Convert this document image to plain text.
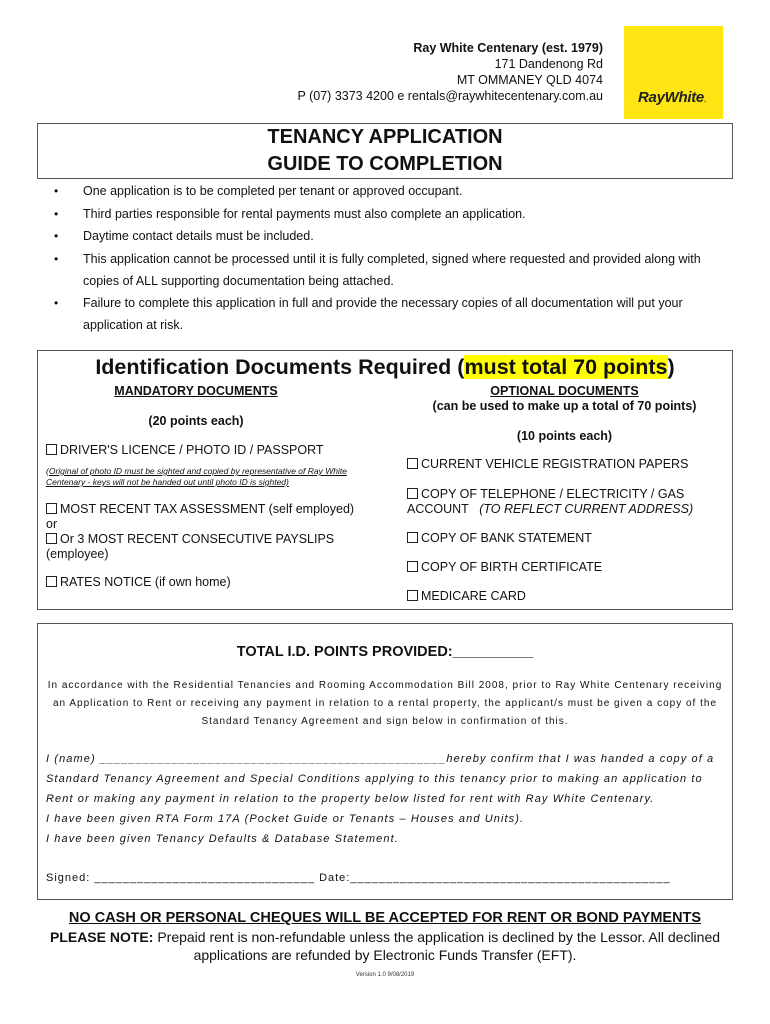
Ray White Centenary (est. 1979)
171 Dandenong Rd
MT OMMANEY QLD 4074
P (07) 3373 4200 e rentals@raywhitecentenary.com.au RayWhite.
TENANCY APPLICATION
GUIDE TO COMPLETION
• One application is to be completed per tenant or approved occupant.
• Third parties responsible for rental payments must also complete an application.
• Daytime contact details must be included.
• This application cannot be processed until it is fully completed, signed where requested and provided along with copies of ALL supporting documentation being attached.
• Failure to complete this application in full and provide the necessary copies of all documentation will put your application at risk.
Identification Documents Required (must total 70 points)
MANDATORY DOCUMENTS
(20 points each)
DRIVER'S LICENCE / PHOTO ID / PASSPORT
(Original of photo ID must be sighted and copied by representative of Ray White Centenary - keys will not be handed out until photo ID is sighted)
MOST RECENT TAX ASSESSMENT (self employed)
or
Or 3 MOST RECENT CONSECUTIVE PAYSLIPS (employee)
RATES NOTICE (if own home)
OPTIONAL DOCUMENTS
(can be used to make up a total of 70 points)
(10 points each)
CURRENT VEHICLE REGISTRATION PAPERS
COPY OF TELEPHONE / ELECTRICITY / GAS ACCOUNT (TO REFLECT CURRENT ADDRESS)
COPY OF BANK STATEMENT
COPY OF BIRTH CERTIFICATE
MEDICARE CARD
TOTAL I.D. POINTS PROVIDED:__________
In accordance with the Residential Tenancies and Rooming Accommodation Bill 2008, prior to Ray White Centenary receiving an Application to Rent or receiving any payment in relation to a rental property, the applicant/s must be given a copy of the Standard Tenancy Agreement and sign below in confirmation of this.
I (name) ________________________________________________hereby confirm that I was handed a copy of a Standard Tenancy Agreement and Special Conditions applying to this tenancy prior to making an application to Rent or making any payment in relation to the property below listed for rent with Ray White Centenary.
I have been given RTA Form 17A (Pocket Guide or Tenants – Houses and Units).
I have been given Tenancy Defaults & Database Statement.
Signed: _______________________________ Date:_____________________________________________
NO CASH OR PERSONAL CHEQUES WILL BE ACCEPTED FOR RENT OR BOND PAYMENTS
PLEASE NOTE: Prepaid rent is non-refundable unless the application is declined by the Lessor. All declined applications are refunded by Electronic Funds Transfer (EFT).
Version 1.0 9/08/2019
